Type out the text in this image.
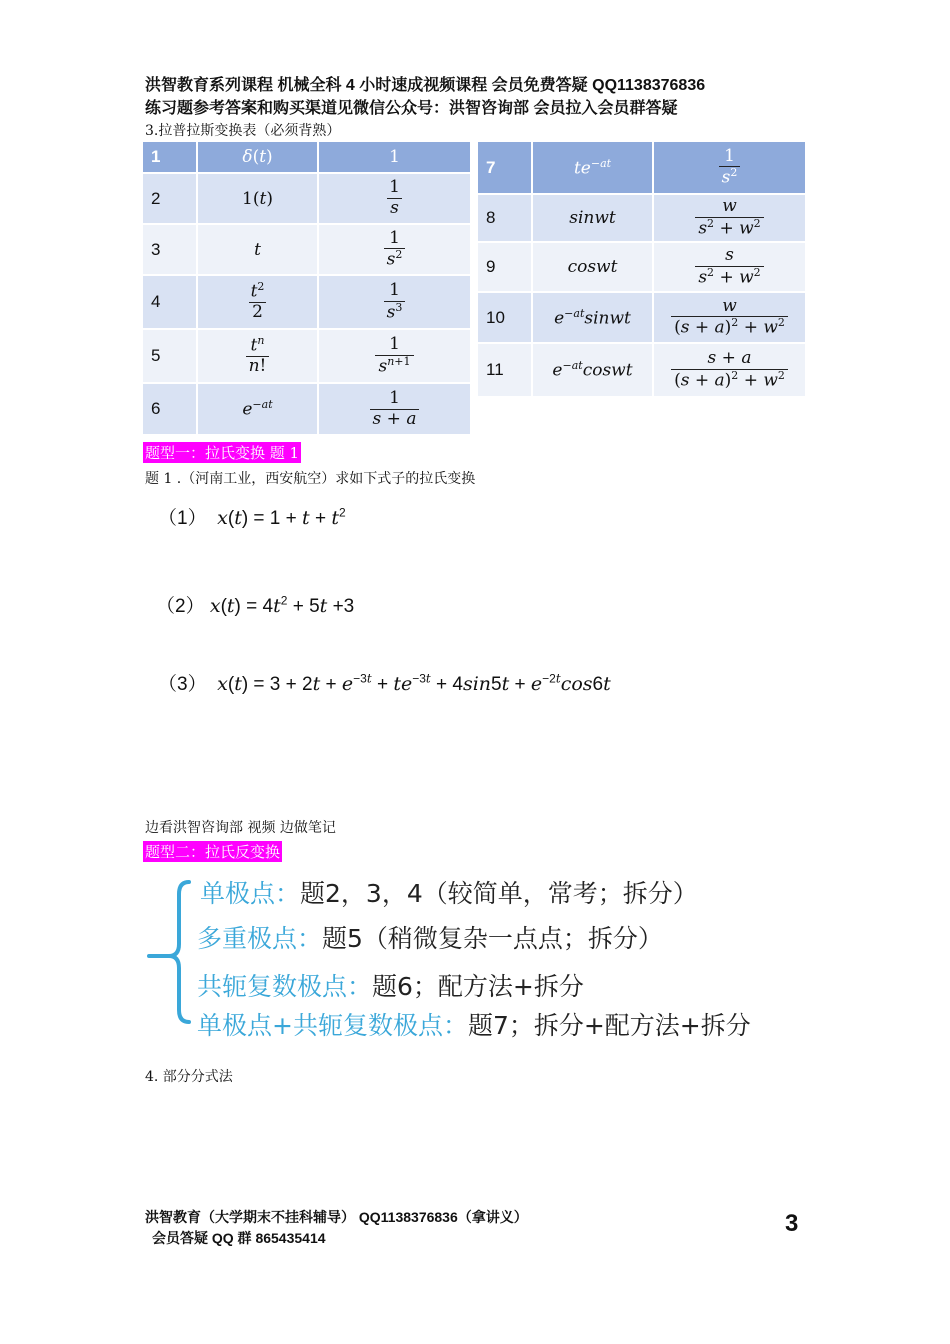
洪智教育系列课程 机械全科 4 小时速成视频课程 会员免费答疑 QQ1138376836
练习题参考答案和购买渠道见微信公众号：洪智咨询部 会员拉入会员群答疑
3.拉普拉斯变换表（必须背熟）
1	δ(t)	1
2	1(t)	$\frac{1}{s}$

3	t	$\frac{1}{s^2}$

4	$\frac{t^2}{2}$	$\frac{1}{s^3}$

5	$\frac{t^n}{n!}$	$\frac{1}{s^{n+1}}$

6	$e^{-at}$	$\frac{1}{s + a}$
7	$te^{-at}$	$\frac{1}{s^2}$

8	sinwt	$\frac{w}{s^2 + w^2}$

9	coswt	$\frac{s}{s^2 + w^2}$

10	$e^{-at}sinwt$	$\frac{w}{(s + a)^2 + w^2}$

11	$e^{-at}coswt$	$\frac{s + a}{(s + a)^2 + w^2}$
题型一：拉氏变换 题 1
题 1 .（河南工业，西安航空）求如下式子的拉氏变换
（1） $x(t) = 1 + t + t^2$
（2） $x(t) = 4t^2 + 5t +3$
（3） $x(t) = 3 + 2t + e^{-3t} + te^{-3t} + 4\sin 5t + e^{-2t}\cos 6t$
边看洪智咨询部 视频 边做笔记
题型二：拉氏反变换
单极点：题2，3，4（较简单，常考；拆分）
多重极点：题5（稍微复杂一点点；拆分）
共轭复数极点：题6；配方法+拆分
单极点+共轭复数极点：题7；拆分+配方法+拆分
4. 部分分式法
洪智教育（大学期末不挂科辅导） QQ1138376836（拿讲义）
会员答疑 QQ 群 865435414
3
